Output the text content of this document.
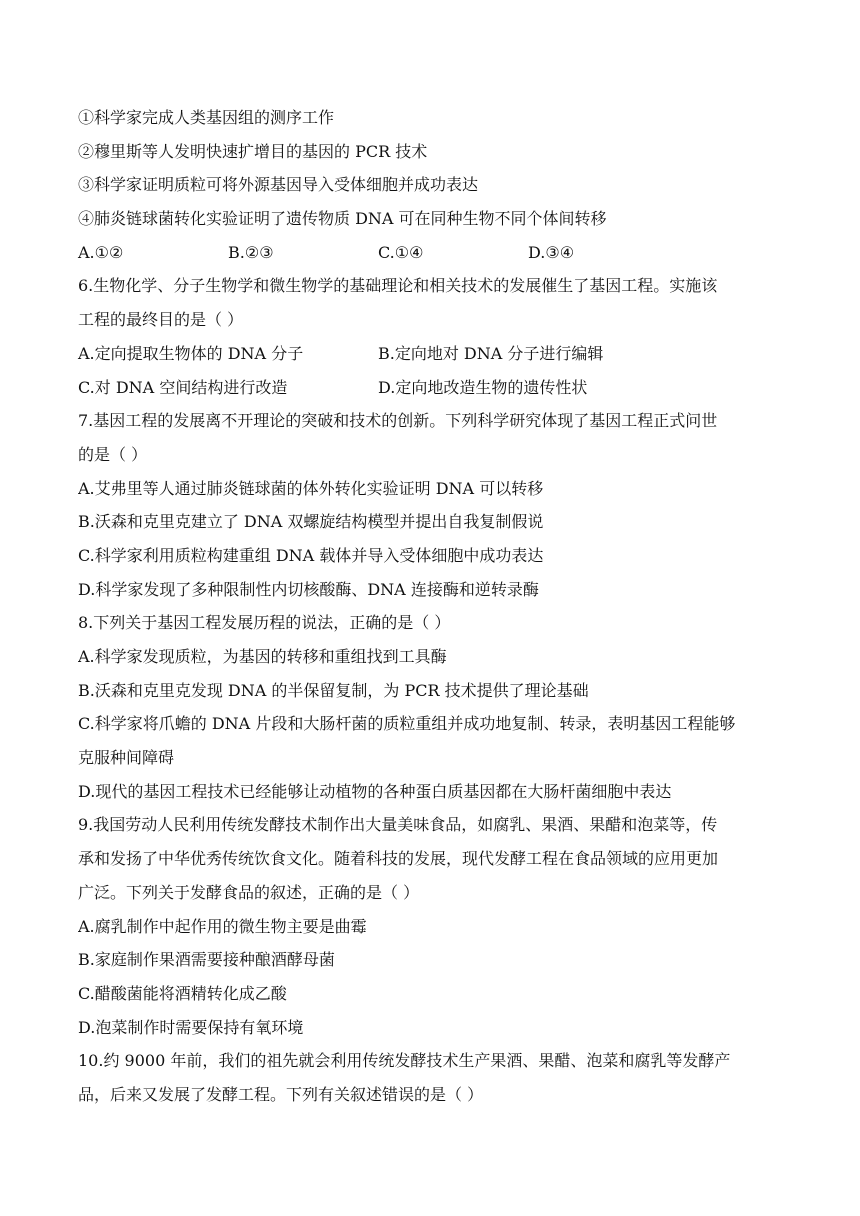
①科学家完成人类基因组的测序工作
②穆里斯等人发明快速扩增目的基因的 PCR 技术
③科学家证明质粒可将外源基因导入受体细胞并成功表达
④肺炎链球菌转化实验证明了遗传物质 DNA 可在同种生物不同个体间转移
A.①②	B.②③	C.①④	D.③④
6.生物化学、分子生物学和微生物学的基础理论和相关技术的发展催生了基因工程。实施该
工程的最终目的是（ ）
A.定向提取生物体的 DNA 分子	B.定向地对 DNA 分子进行编辑
C.对 DNA 空间结构进行改造	D.定向地改造生物的遗传性状
7.基因工程的发展离不开理论的突破和技术的创新。下列科学研究体现了基因工程正式问世
的是（ ）
A.艾弗里等人通过肺炎链球菌的体外转化实验证明 DNA 可以转移
B.沃森和克里克建立了 DNA 双螺旋结构模型并提出自我复制假说
C.科学家利用质粒构建重组 DNA 载体并导入受体细胞中成功表达
D.科学家发现了多种限制性内切核酸酶、DNA 连接酶和逆转录酶
8.下列关于基因工程发展历程的说法，正确的是（ ）
A.科学家发现质粒，为基因的转移和重组找到工具酶
B.沃森和克里克发现 DNA 的半保留复制，为 PCR 技术提供了理论基础
C.科学家将爪蟾的 DNA 片段和大肠杆菌的质粒重组并成功地复制、转录，表明基因工程能够
克服种间障碍
D.现代的基因工程技术已经能够让动植物的各种蛋白质基因都在大肠杆菌细胞中表达
9.我国劳动人民利用传统发酵技术制作出大量美味食品，如腐乳、果酒、果醋和泡菜等，传
承和发扬了中华优秀传统饮食文化。随着科技的发展，现代发酵工程在食品领域的应用更加
广泛。下列关于发酵食品的叙述，正确的是（ ）
A.腐乳制作中起作用的微生物主要是曲霉
B.家庭制作果酒需要接种酿酒酵母菌
C.醋酸菌能将酒精转化成乙酸
D.泡菜制作时需要保持有氧环境
10.约 9000 年前，我们的祖先就会利用传统发酵技术生产果酒、果醋、泡菜和腐乳等发酵产
品，后来又发展了发酵工程。下列有关叙述错误的是（ ）
